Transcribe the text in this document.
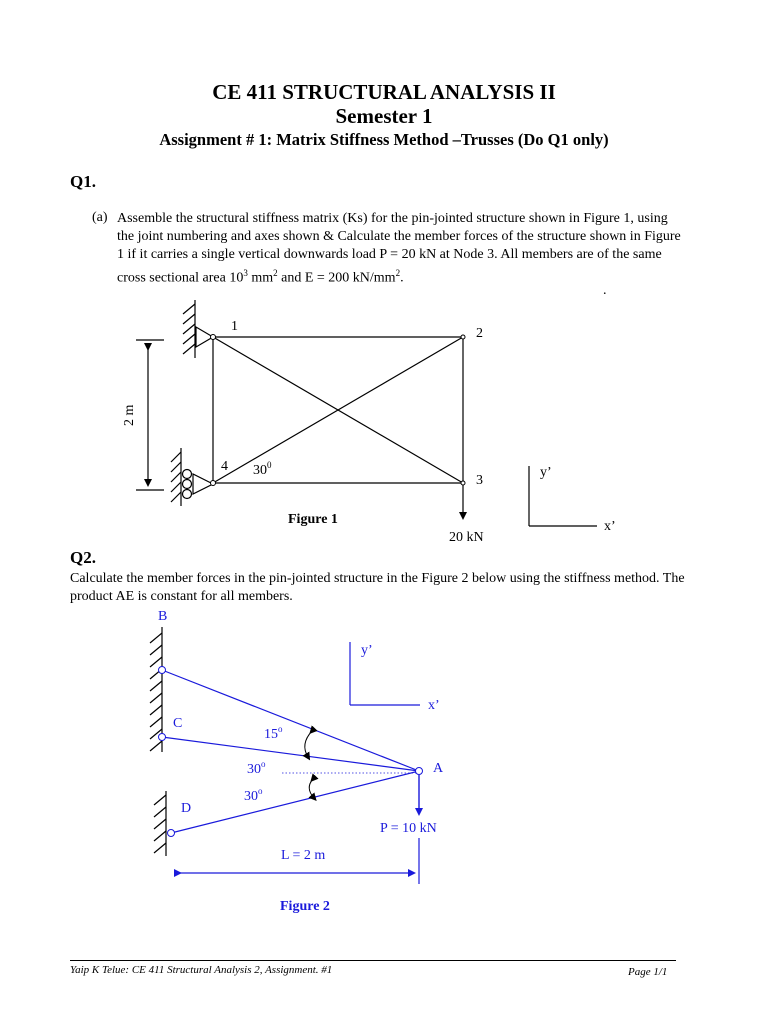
CE 411 STRUCTURAL ANALYSIS II
Semester 1
Assignment # 1: Matrix Stiffness Method –Trusses (Do Q1 only)
Q1.
(a) Assemble the structural stiffness matrix (Ks) for the pin-jointed structure shown in Figure 1, using the joint numbering and axes shown & Calculate the member forces of the structure shown in Figure 1 if it carries a single vertical downwards load P = 20 kN at Node 3. All members are of the same cross sectional area $10^3$ $mm^2$ and E = 200 $kN/mm^2$.
.
1	2
3
4 $30^0$
2 m
20 kN
y’
x’
Figure 1
B
C
D
A
15$^o$
30$^o$
30$^o$
P = 10 kN
L = 2 m
y’
x’
Figure 2
Q2.
Calculate the member forces in the pin-jointed structure in the Figure 2 below using the stiffness method. The product AE is constant for all members.
Yaip K Telue: CE 411 Structural Analysis 2, Assignment. #1	Page 1/1
